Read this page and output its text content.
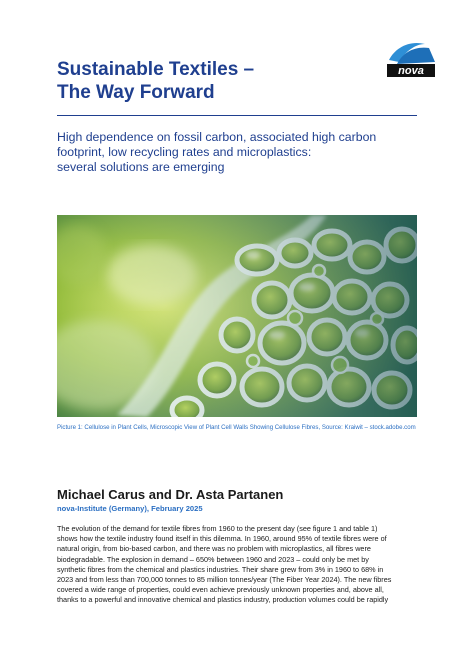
nova
Sustainable Textiles –
The Way Forward
High dependence on fossil carbon, associated high carbon
footprint, low recycling rates and microplastics:
several solutions are emerging
Picture 1: Cellulose in Plant Cells, Microscopic View of Plant Cell Walls Showing Cellulose Fibres, Source: Kraiwit – stock.adobe.com
Michael Carus and Dr. Asta Partanen
nova-Institute (Germany), February 2025
The evolution of the demand for textile fibres from 1960 to the present day (see figure 1 and table 1)
shows how the textile industry found itself in this dilemma. In 1960, around 95% of textile fibres were of
natural origin, from bio-based carbon, and there was no problem with microplastics, all fibres were
biodegradable. The explosion in demand – 650% between 1960 and 2023 – could only be met by
synthetic fibres from the chemical and plastics industries. Their share grew from 3% in 1960 to 68% in
2023 and from less than 700,000 tonnes to 85 million tonnes/year (The Fiber Year 2024). The new fibres
covered a wide range of properties, could even achieve previously unknown properties and, above all,
thanks to a powerful and innovative chemical and plastics industry, production volumes could be rapidly
